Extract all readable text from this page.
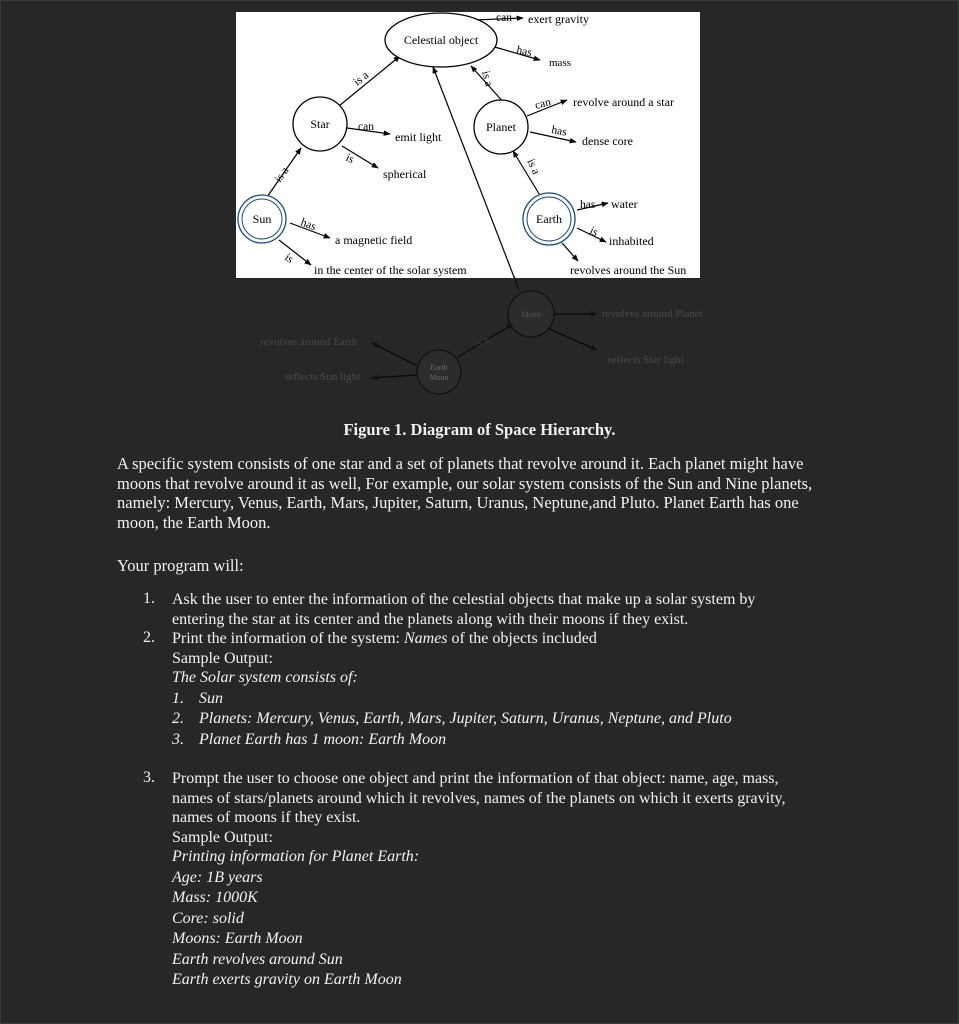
Celestial object
Star	Planet
Sun	Earth
is a	is a
can
has
can
is
is a
can
has
is a
has
is
has
is
exert gravity
mass
revolve around a star
dense core
emit light
spherical
water
inhabited
a magnetic field
in the center of the solar system	revolves around the Sun
Moon
Earth
Moon
is a
revolves around Planet
reflects Star light
revolves around Earth
reflects Sun light
Figure 1. Diagram of Space Hierarchy.
A specific system consists of one star and a set of planets that revolve around it. Each planet might have
moons that revolve around it as well, For example, our solar system consists of the Sun and Nine planets,
namely: Mercury, Venus, Earth, Mars, Jupiter, Saturn, Uranus, Neptune,and Pluto. Planet Earth has one
moon, the Earth Moon.
Your program will:
1. Ask the user to enter the information of the celestial objects that make up a solar system by
entering the star at its center and the planets along with their moons if they exist.
2. Print the information of the system: Names of the objects included
Sample Output:
The Solar system consists of:
1. Sun
2. Planets: Mercury, Venus, Earth, Mars, Jupiter, Saturn, Uranus, Neptune, and Pluto
3. Planet Earth has 1 moon: Earth Moon
3. Prompt the user to choose one object and print the information of that object: name, age, mass,
names of stars/planets around which it revolves, names of the planets on which it exerts gravity,
names of moons if they exist.
Sample Output:
Printing information for Planet Earth:
Age: 1B years
Mass: 1000K
Core: solid
Moons: Earth Moon
Earth revolves around Sun
Earth exerts gravity on Earth Moon
